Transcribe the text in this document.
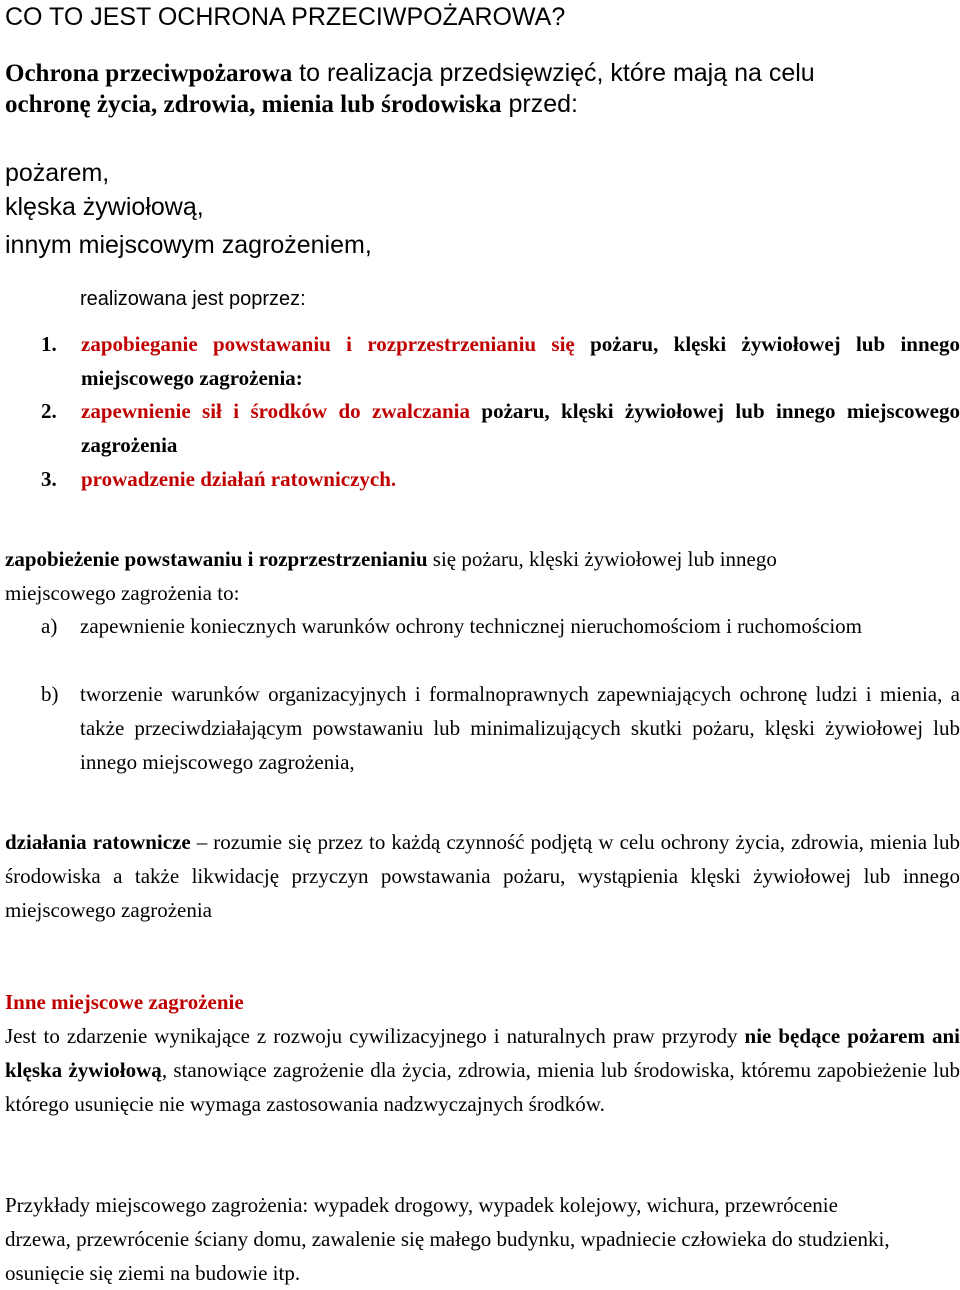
CO TO JEST OCHRONA PRZECIWPOŻAROWA?
Ochrona przeciwpożarowa to realizacja przedsięwzięć, które mają na celu ochronę życia, zdrowia, mienia lub środowiska przed:
pożarem,
klęska żywiołową,
innym miejscowym zagrożeniem,
realizowana jest poprzez:
1. zapobieganie powstawaniu i rozprzestrzenianiu się pożaru, klęski żywiołowej lub innego miejscowego zagrożenia:
2. zapewnienie sił i środków do zwalczania pożaru, klęski żywiołowej lub innego miejscowego zagrożenia
3. prowadzenie działań ratowniczych.
zapobieżenie powstawaniu i rozprzestrzenianiu się pożaru, klęski żywiołowej lub innego miejscowego zagrożenia to:
a) zapewnienie koniecznych warunków ochrony technicznej nieruchomościom i ruchomościom
b) tworzenie warunków organizacyjnych i formalnoprawnych zapewniających ochronę ludzi i mienia, a także przeciwdziałającym powstawaniu lub minimalizujących skutki pożaru, klęski żywiołowej lub innego miejscowego zagrożenia,
działania ratownicze – rozumie się przez to każdą czynność podjętą w celu ochrony życia, zdrowia, mienia lub środowiska a także likwidację przyczyn powstawania pożaru, wystąpienia klęski żywiołowej lub innego miejscowego zagrożenia
Inne miejscowe zagrożenie
Jest to zdarzenie wynikające z rozwoju cywilizacyjnego i naturalnych praw przyrody nie będące pożarem ani klęska żywiołową, stanowiące zagrożenie dla życia, zdrowia, mienia lub środowiska, któremu zapobieżenie lub którego usunięcie nie wymaga zastosowania nadzwyczajnych środków.
Przykłady miejscowego zagrożenia: wypadek drogowy, wypadek kolejowy, wichura, przewrócenie drzewa, przewrócenie ściany domu, zawalenie się małego budynku, wpadniecie człowieka do studzienki, osunięcie się ziemi na budowie itp.
